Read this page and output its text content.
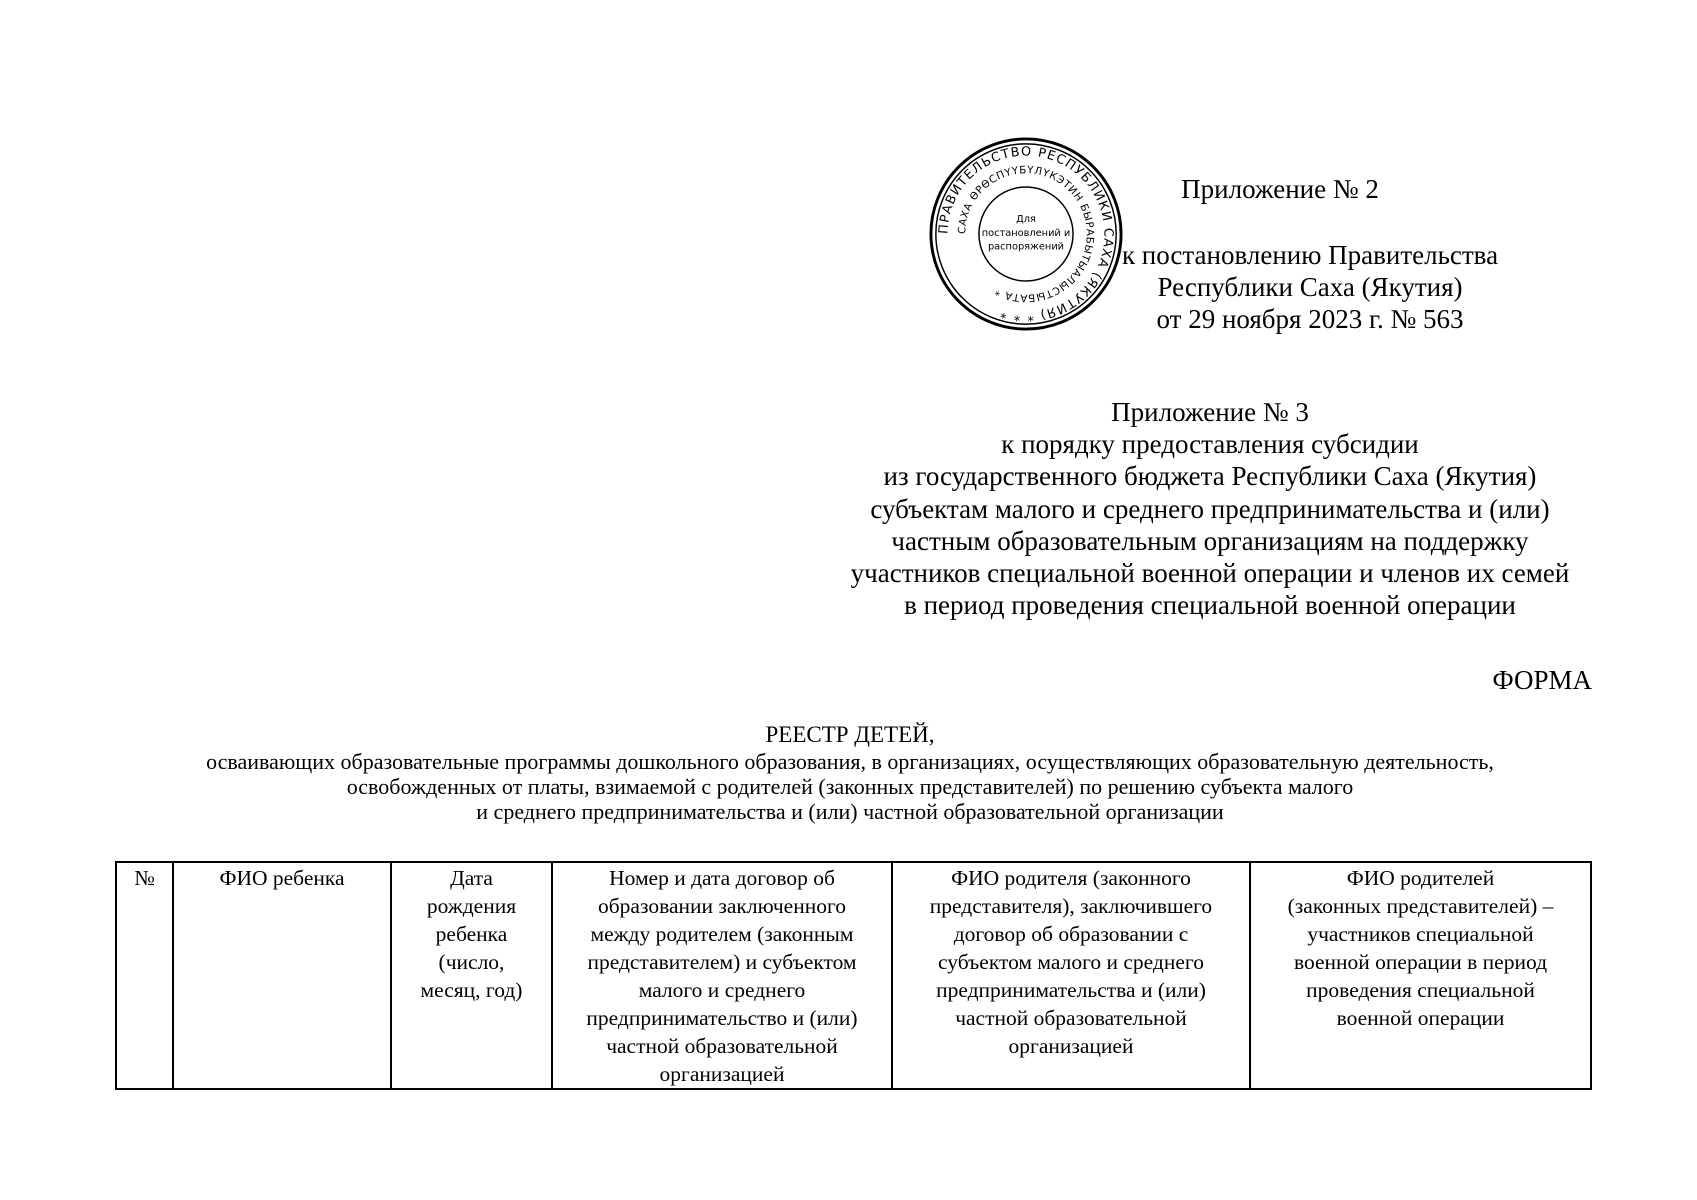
ПРАВИТЕЛЬСТВО РЕСПУБЛИКИ САХА (ЯКУТИЯ) * * *
САХА ӨРӨСПҮҮБҮЛҮКЭТИН БЫРАБЫТЫАЛЫСТЫБАТА *
Для
постановлений и
распоряжений
Приложение № 2
к постановлению Правительства
Республики Саха (Якутия)
от 29 ноября 2023 г. № 563
Приложение № 3
к порядку предоставления субсидии
из государственного бюджета Республики Саха (Якутия)
субъектам малого и среднего предпринимательства и (или)
частным образовательным организациям на поддержку
участников специальной военной операции и членов их семей
в период проведения специальной военной операции
ФОРМА
РЕЕСТР ДЕТЕЙ,
осваивающих образовательные программы дошкольного образования, в организациях, осуществляющих образовательную деятельность,
освобожденных от платы, взимаемой с родителей (законных представителей) по решению субъекта малого
и среднего предпринимательства и (или) частной образовательной организации
№	ФИО ребенка	Дата
рождения
ребенка
(число,
месяц, год)	Номер и дата договор об
образовании заключенного
между родителем (законным
представителем) и субъектом
малого и среднего
предпринимательство и (или)
частной образовательной
организацией	ФИО родителя (законного
представителя), заключившего
договор об образовании с
субъектом малого и среднего
предпринимательства и (или)
частной образовательной
организацией	ФИО родителей
(законных представителей) –
участников специальной
военной операции в период
проведения специальной
военной операции
